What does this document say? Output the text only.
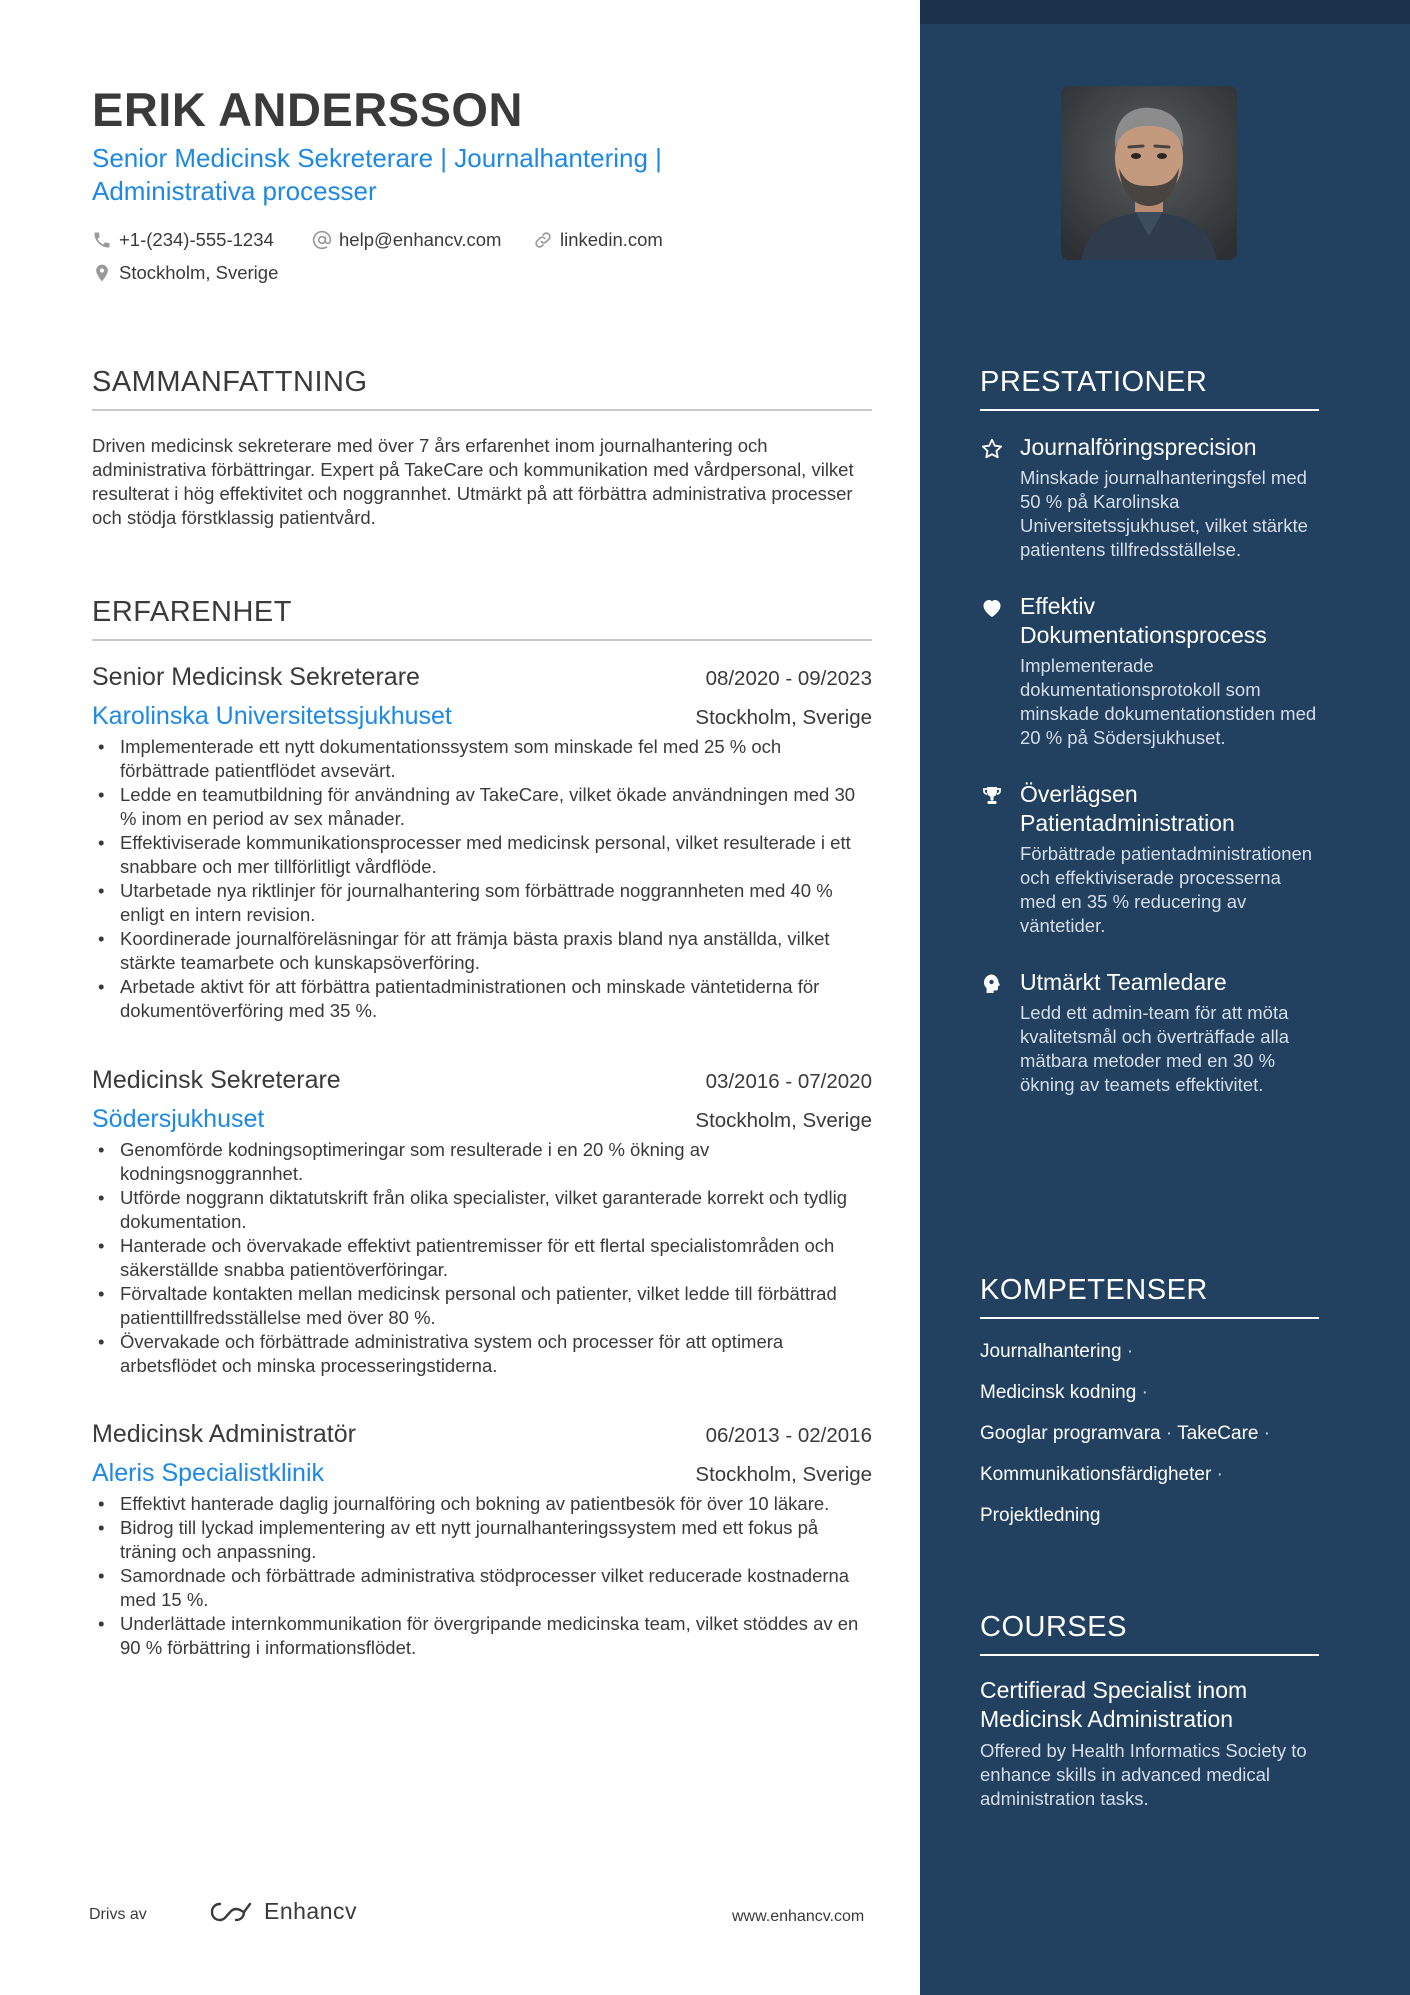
ERIK ANDERSSON
Senior Medicinsk Sekreterare | Journalhantering | Administrativa processer
+1-(234)-555-1234	help@enhancv.com	linkedin.com
Stockholm, Sverige
SAMMANFATTNING

Driven medicinsk sekreterare med över 7 års erfarenhet inom journalhantering och administrativa förbättringar. Expert på TakeCare och kommunikation med vårdpersonal, vilket resulterat i hög effektivitet och noggrannhet. Utmärkt på att förbättra administrativa processer och stödja förstklassig patientvård.

ERFARENHET
Senior Medicinsk Sekreterare	08/2020 - 09/2023
Karolinska Universitetssjukhuset	Stockholm, Sverige
• Implementerade ett nytt dokumentationssystem som minskade fel med 25 % och förbättrade patientflödet avsevärt.
• Ledde en teamutbildning för användning av TakeCare, vilket ökade användningen med 30 % inom en period av sex månader.
• Effektiviserade kommunikationsprocesser med medicinsk personal, vilket resulterade i ett snabbare och mer tillförlitligt vårdflöde.
• Utarbetade nya riktlinjer för journalhantering som förbättrade noggrannheten med 40 % enligt en intern revision.
• Koordinerade journalföreläsningar för att främja bästa praxis bland nya anställda, vilket stärkte teamarbete och kunskapsöverföring.
• Arbetade aktivt för att förbättra patientadministrationen och minskade väntetiderna för dokumentöverföring med 35 %.
Medicinsk Sekreterare	03/2016 - 07/2020
Södersjukhuset	Stockholm, Sverige
• Genomförde kodningsoptimeringar som resulterade i en 20 % ökning av kodningsnoggrannhet.
• Utförde noggrann diktatutskrift från olika specialister, vilket garanterade korrekt och tydlig dokumentation.
• Hanterade och övervakade effektivt patientremisser för ett flertal specialistområden och säkerställde snabba patientöverföringar.
• Förvaltade kontakten mellan medicinsk personal och patienter, vilket ledde till förbättrad patienttillfredsställelse med över 80 %.
• Övervakade och förbättrade administrativa system och processer för att optimera arbetsflödet och minska processeringstiderna.
Medicinsk Administratör	06/2013 - 02/2016
Aleris Specialistklinik	Stockholm, Sverige
• Effektivt hanterade daglig journalföring och bokning av patientbesök för över 10 läkare.
• Bidrog till lyckad implementering av ett nytt journalhanteringssystem med ett fokus på träning och anpassning.
• Samordnade och förbättrade administrativa stödprocesser vilket reducerade kostnaderna med 15 %.
• Underlättade internkommunikation för övergripande medicinska team, vilket stöddes av en 90 % förbättring i informationsflödet.
Drivs av	Enhancv	www.enhancv.com
PRESTATIONER
Journalföringsprecision
Minskade journalhanteringsfel med 50 % på Karolinska Universitetssjukhuset, vilket stärkte patientens tillfredsställelse.
Effektiv Dokumentationsprocess
Implementerade dokumentationsprotokoll som minskade dokumentationstiden med 20 % på Södersjukhuset.
Överlägsen Patientadministration
Förbättrade patientadministrationen och effektiviserade processerna med en 35 % reducering av väntetider.
Utmärkt Teamledare
Ledd ett admin-team för att möta kvalitetsmål och överträffade alla mätbara metoder med en 30 % ökning av teamets effektivitet.
KOMPETENSER
Journalhantering ·
Medicinsk kodning ·
Googlar programvara · TakeCare ·
Kommunikationsfärdigheter ·
Projektledning
COURSES
Certifierad Specialist inom Medicinsk Administration
Offered by Health Informatics Society to enhance skills in advanced medical administration tasks.
